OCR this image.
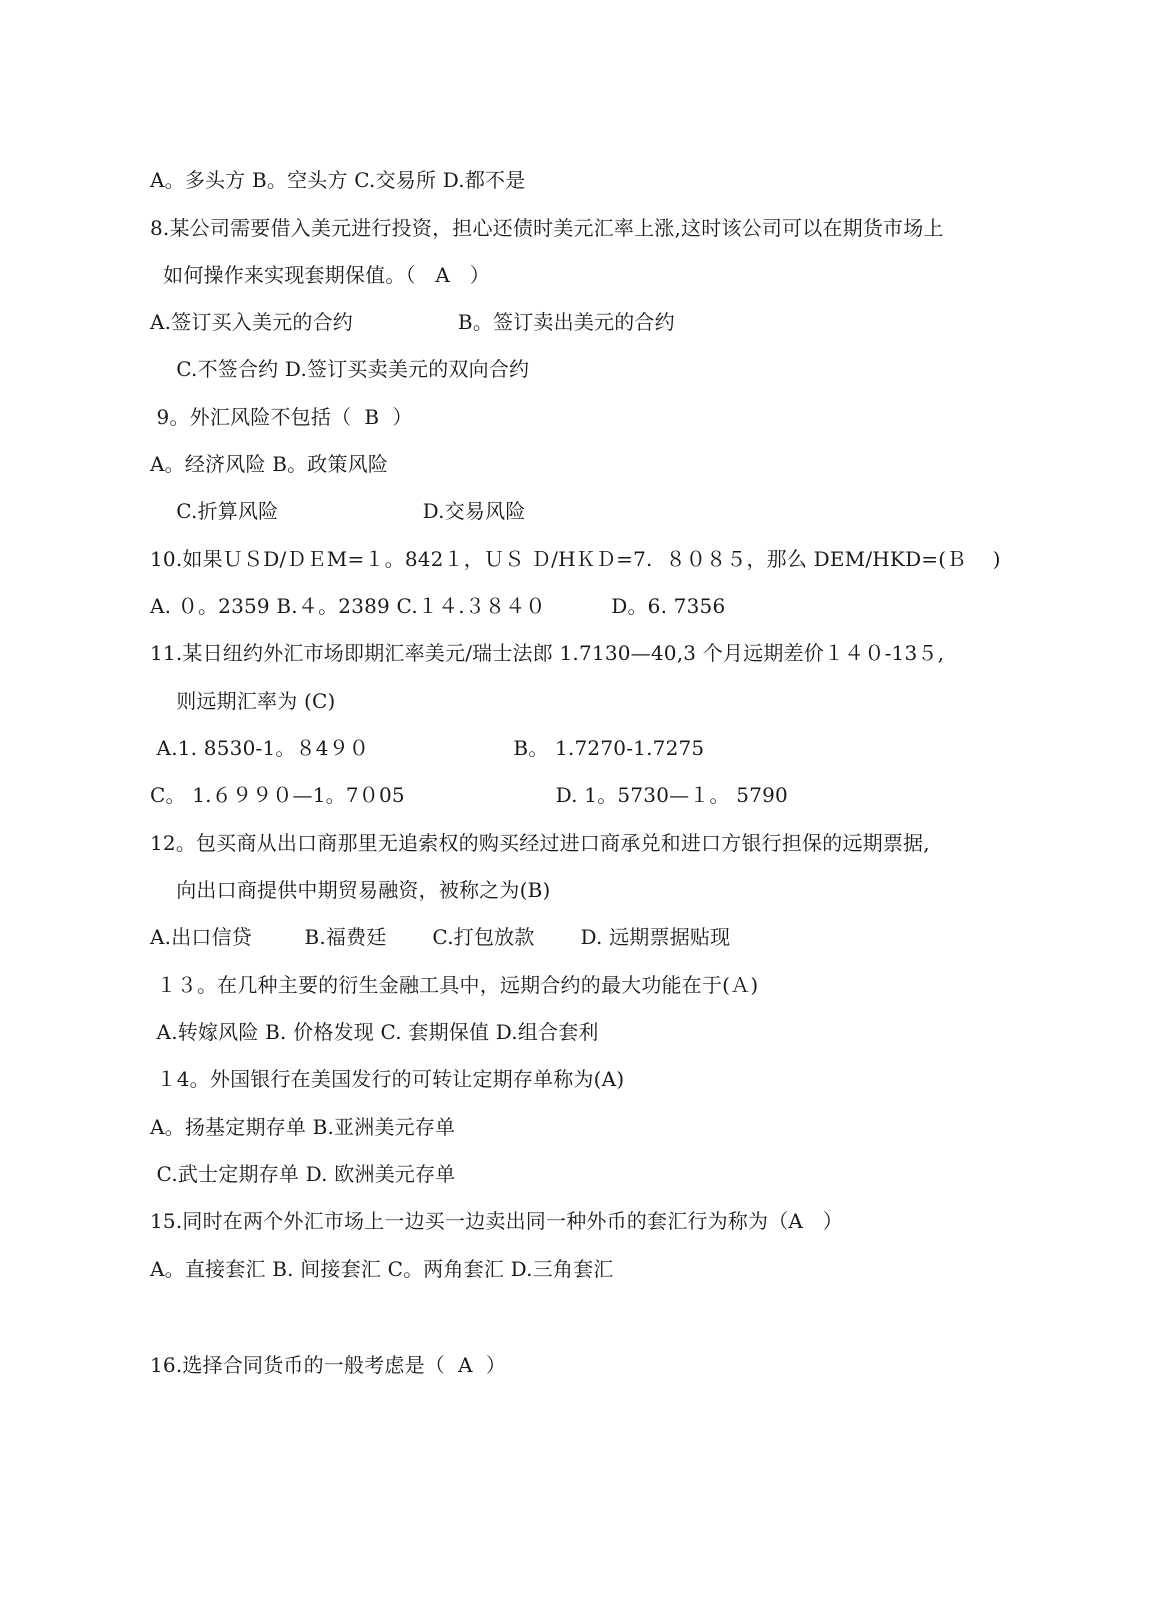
A。多头方 B。空头方 C.交易所 D.都不是
8.某公司需要借入美元进行投资，担心还债时美元汇率上涨,这时该公司可以在期货市场上
如何操作来实现套期保值。（   A   ）
A.签订买入美元的合约                B。签订卖出美元的合约
C.不签合约 D.签订买卖美元的双向合约
9。外汇风险不包括（  B  ）
A。经济风险 B。政策风险
C.折算风险                      D.交易风险
10.如果ＵＳD/ＤＥM=１。842１，ＵＳ Ｄ/HＫＤ=7.  ８０８５，那么 DEM/HKD=(Ｂ    )
A. ０。2359 B.４。2389 C.１４.３８４０          D。6. 7356
11.某日纽约外汇市场即期汇率美元/瑞士法郎 1.7130—40,3 个月远期差价１４０-13５,
则远期汇率为 (C)
A.1. 8530-1。８4９０                      B。 1.7270-1.7275
C。 1.６９９０—1。7０05                       D. 1。5730—１。 5790
12。包买商从出口商那里无追索权的购买经过进口商承兑和进口方银行担保的远期票据,
向出口商提供中期贸易融资，被称之为(B)
A.出口信贷        B.福费廷       C.打包放款       D. 远期票据贴现
１３。在几种主要的衍生金融工具中，远期合约的最大功能在于(Ａ)
A.转嫁风险 B. 价格发现 C. 套期保值 D.组合套利
１4。外国银行在美国发行的可转让定期存单称为(A)
A。扬基定期存单 B.亚洲美元存单
C.武士定期存单 D. 欧洲美元存单
15.同时在两个外汇市场上一边买一边卖出同一种外币的套汇行为称为（A   ）
A。直接套汇 B. 间接套汇 C。两角套汇 D.三角套汇
16.选择合同货币的一般考虑是（  A  ）
